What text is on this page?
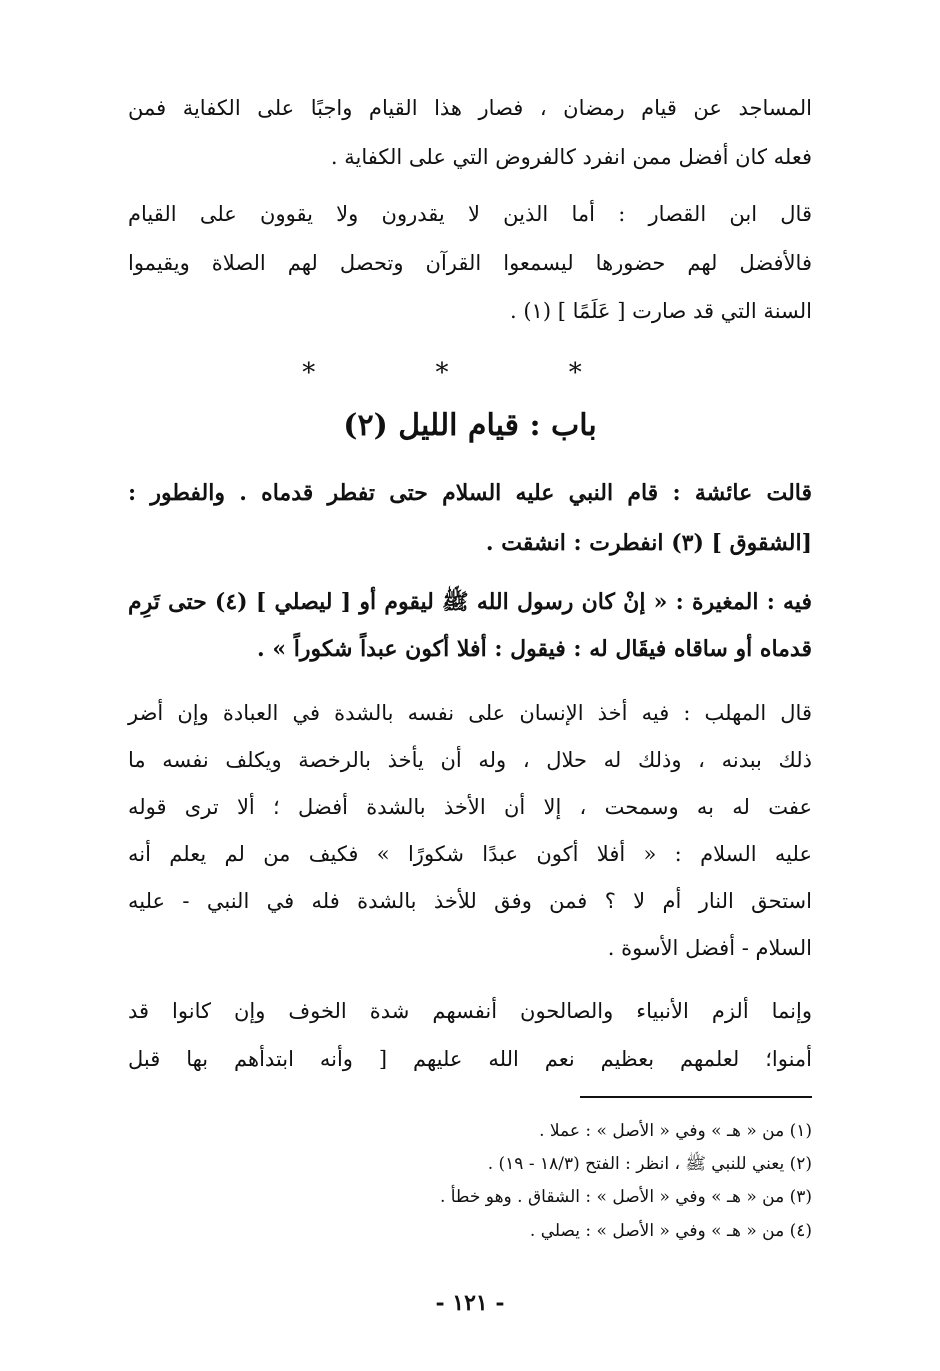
المساجد عن قيام رمضان ، فصار هذا القيام واجبًا على الكفاية فمن
فعله كان أفضل ممن انفرد كالفروض التي على الكفاية .
قال ابن القصار : أما الذين لا يقدرون ولا يقوون على القيام
فالأفضل لهم حضورها ليسمعوا القرآن وتحصل لهم الصلاة ويقيموا
السنة التي قد صارت [ عَلَمًا ] (١) .
* * *
باب : قيام الليل (٢)
قالت عائشة : قام النبي عليه السلام حتى تفطر قدماه . والفطور :
[الشقوق ] (٣) انفطرت : انشقت .
فيه : المغيرة : « إنْ كان رسول الله ﷺ ليقوم أو [ ليصلي ] (٤) حتى تَرِم
قدماه أو ساقاه فيقَال له : فيقول : أفلا أكون عبداً شكوراً » .
قال المهلب : فيه أخذ الإنسان على نفسه بالشدة في العبادة وإن أضر
ذلك ببدنه ، وذلك له حلال ، وله أن يأخذ بالرخصة ويكلف نفسه ما
عفت له به وسمحت ، إلا أن الأخذ بالشدة أفضل ؛ ألا ترى قوله
عليه السلام : « أفلا أكون عبدًا شكورًا » فكيف من لم يعلم أنه
استحق النار أم لا ؟ فمن وفق للأخذ بالشدة فله في النبي - عليه
السلام - أفضل الأسوة .
وإنما ألزم الأنبياء والصالحون أنفسهم شدة الخوف وإن كانوا قد
أمنوا؛ لعلمهم بعظيم نعم الله عليهم [ وأنه ابتدأهم بها قبل
(١) من « هـ » وفي « الأصل » : عملا .
(٢) يعني للنبي ﷺ ، انظر : الفتح (١٨/٣ - ١٩) .
(٣) من « هـ » وفي « الأصل » : الشقاق . وهو خطأ .
(٤) من « هـ » وفي « الأصل » : يصلي .
- ١٢١ -
